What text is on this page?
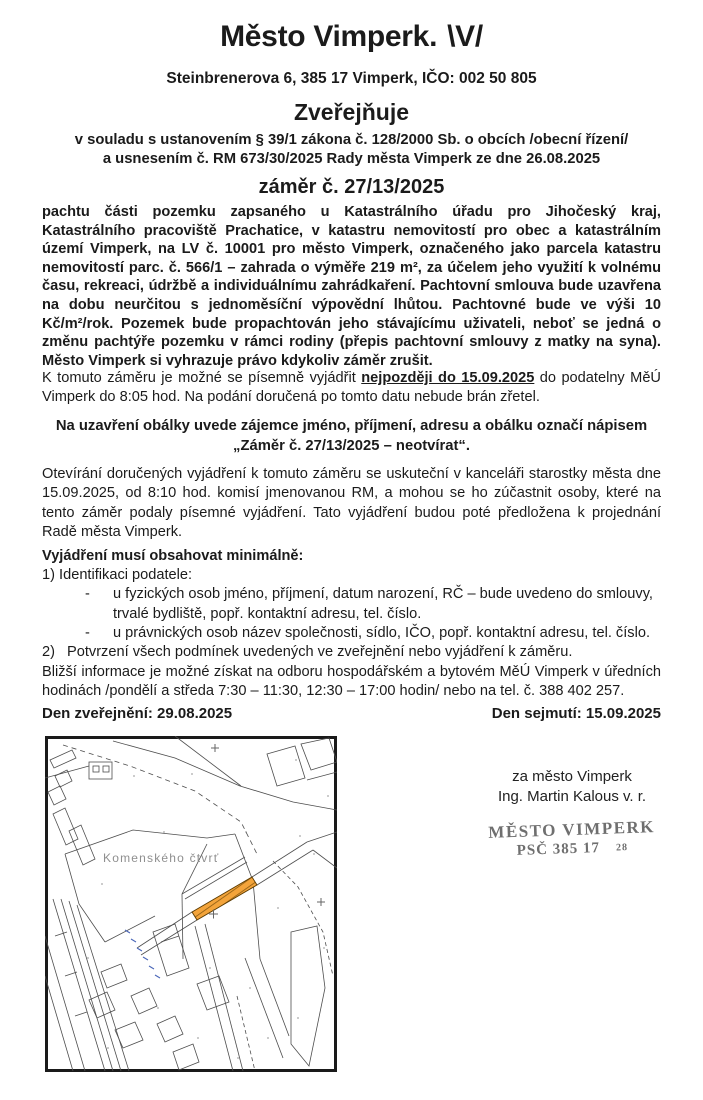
Město Vimperk. \V/
Steinbrenerova 6, 385 17 Vimperk, IČO: 002 50 805
Zveřejňuje
v souladu s ustanovením § 39/1 zákona č. 128/2000 Sb. o obcích /obecní řízení/
a usnesením č. RM 673/30/2025 Rady města Vimperk ze dne 26.08.2025
záměr č. 27/13/2025
pachtu části pozemku zapsaného u Katastrálního úřadu pro Jihočeský kraj, Katastrálního pracoviště Prachatice, v katastru nemovitostí pro obec a katastrálním území Vimperk, na LV č. 10001 pro město Vimperk, označeného jako parcela katastru nemovitostí parc. č. 566/1 – zahrada o výměře 219 m², za účelem jeho využití k volnému času, rekreaci, údržbě a individuálnímu zahrádkaření. Pachtovní smlouva bude uzavřena na dobu neurčitou s jednoměsíční výpovědní lhůtou. Pachtovné bude ve výši 10 Kč/m²/rok. Pozemek bude propachtován jeho stávajícímu uživateli, neboť se jedná o změnu pachtýře pozemku v rámci rodiny (přepis pachtovní smlouvy z matky na syna). Město Vimperk si vyhrazuje právo kdykoliv záměr zrušit.
K tomuto záměru je možné se písemně vyjádřit nejpozději do 15.09.2025 do podatelny MěÚ Vimperk do 8:05 hod. Na podání doručená po tomto datu nebude brán zřetel.
Na uzavření obálky uvede zájemce jméno, příjmení, adresu a obálku označí nápisem
„Záměr č. 27/13/2025 – neotvírat“.
Otevírání doručených vyjádření k tomuto záměru se uskuteční v kanceláři starostky města dne 15.09.2025, od 8:10 hod. komisí jmenovanou RM, a mohou se ho zúčastnit osoby, které na tento záměr podaly písemné vyjádření. Tato vyjádření budou poté předložena k projednání Radě města Vimperk.
Vyjádření musí obsahovat minimálně:
1) Identifikaci podatele:
- u fyzických osob jméno, příjmení, datum narození, RČ – bude uvedeno do smlouvy, trvalé bydliště, popř. kontaktní adresu, tel. číslo.
- u právnických osob název společnosti, sídlo, IČO, popř. kontaktní adresu, tel. číslo.
2) Potvrzení všech podmínek uvedených ve zveřejnění nebo vyjádření k záměru.
Bližší informace je možné získat na odboru hospodářském a bytovém MěÚ Vimperk v úředních hodinách /pondělí a středa 7:30 – 11:30, 12:30 – 17:00 hodin/ nebo na tel. č. 388 402 257.
Den zveřejnění: 29.08.2025	Den sejmutí: 15.09.2025
Komenského čtvrť
za město Vimperk
Ing. Martin Kalous v. r.
MĚSTO VIMPERK
PSČ 385 17 28
